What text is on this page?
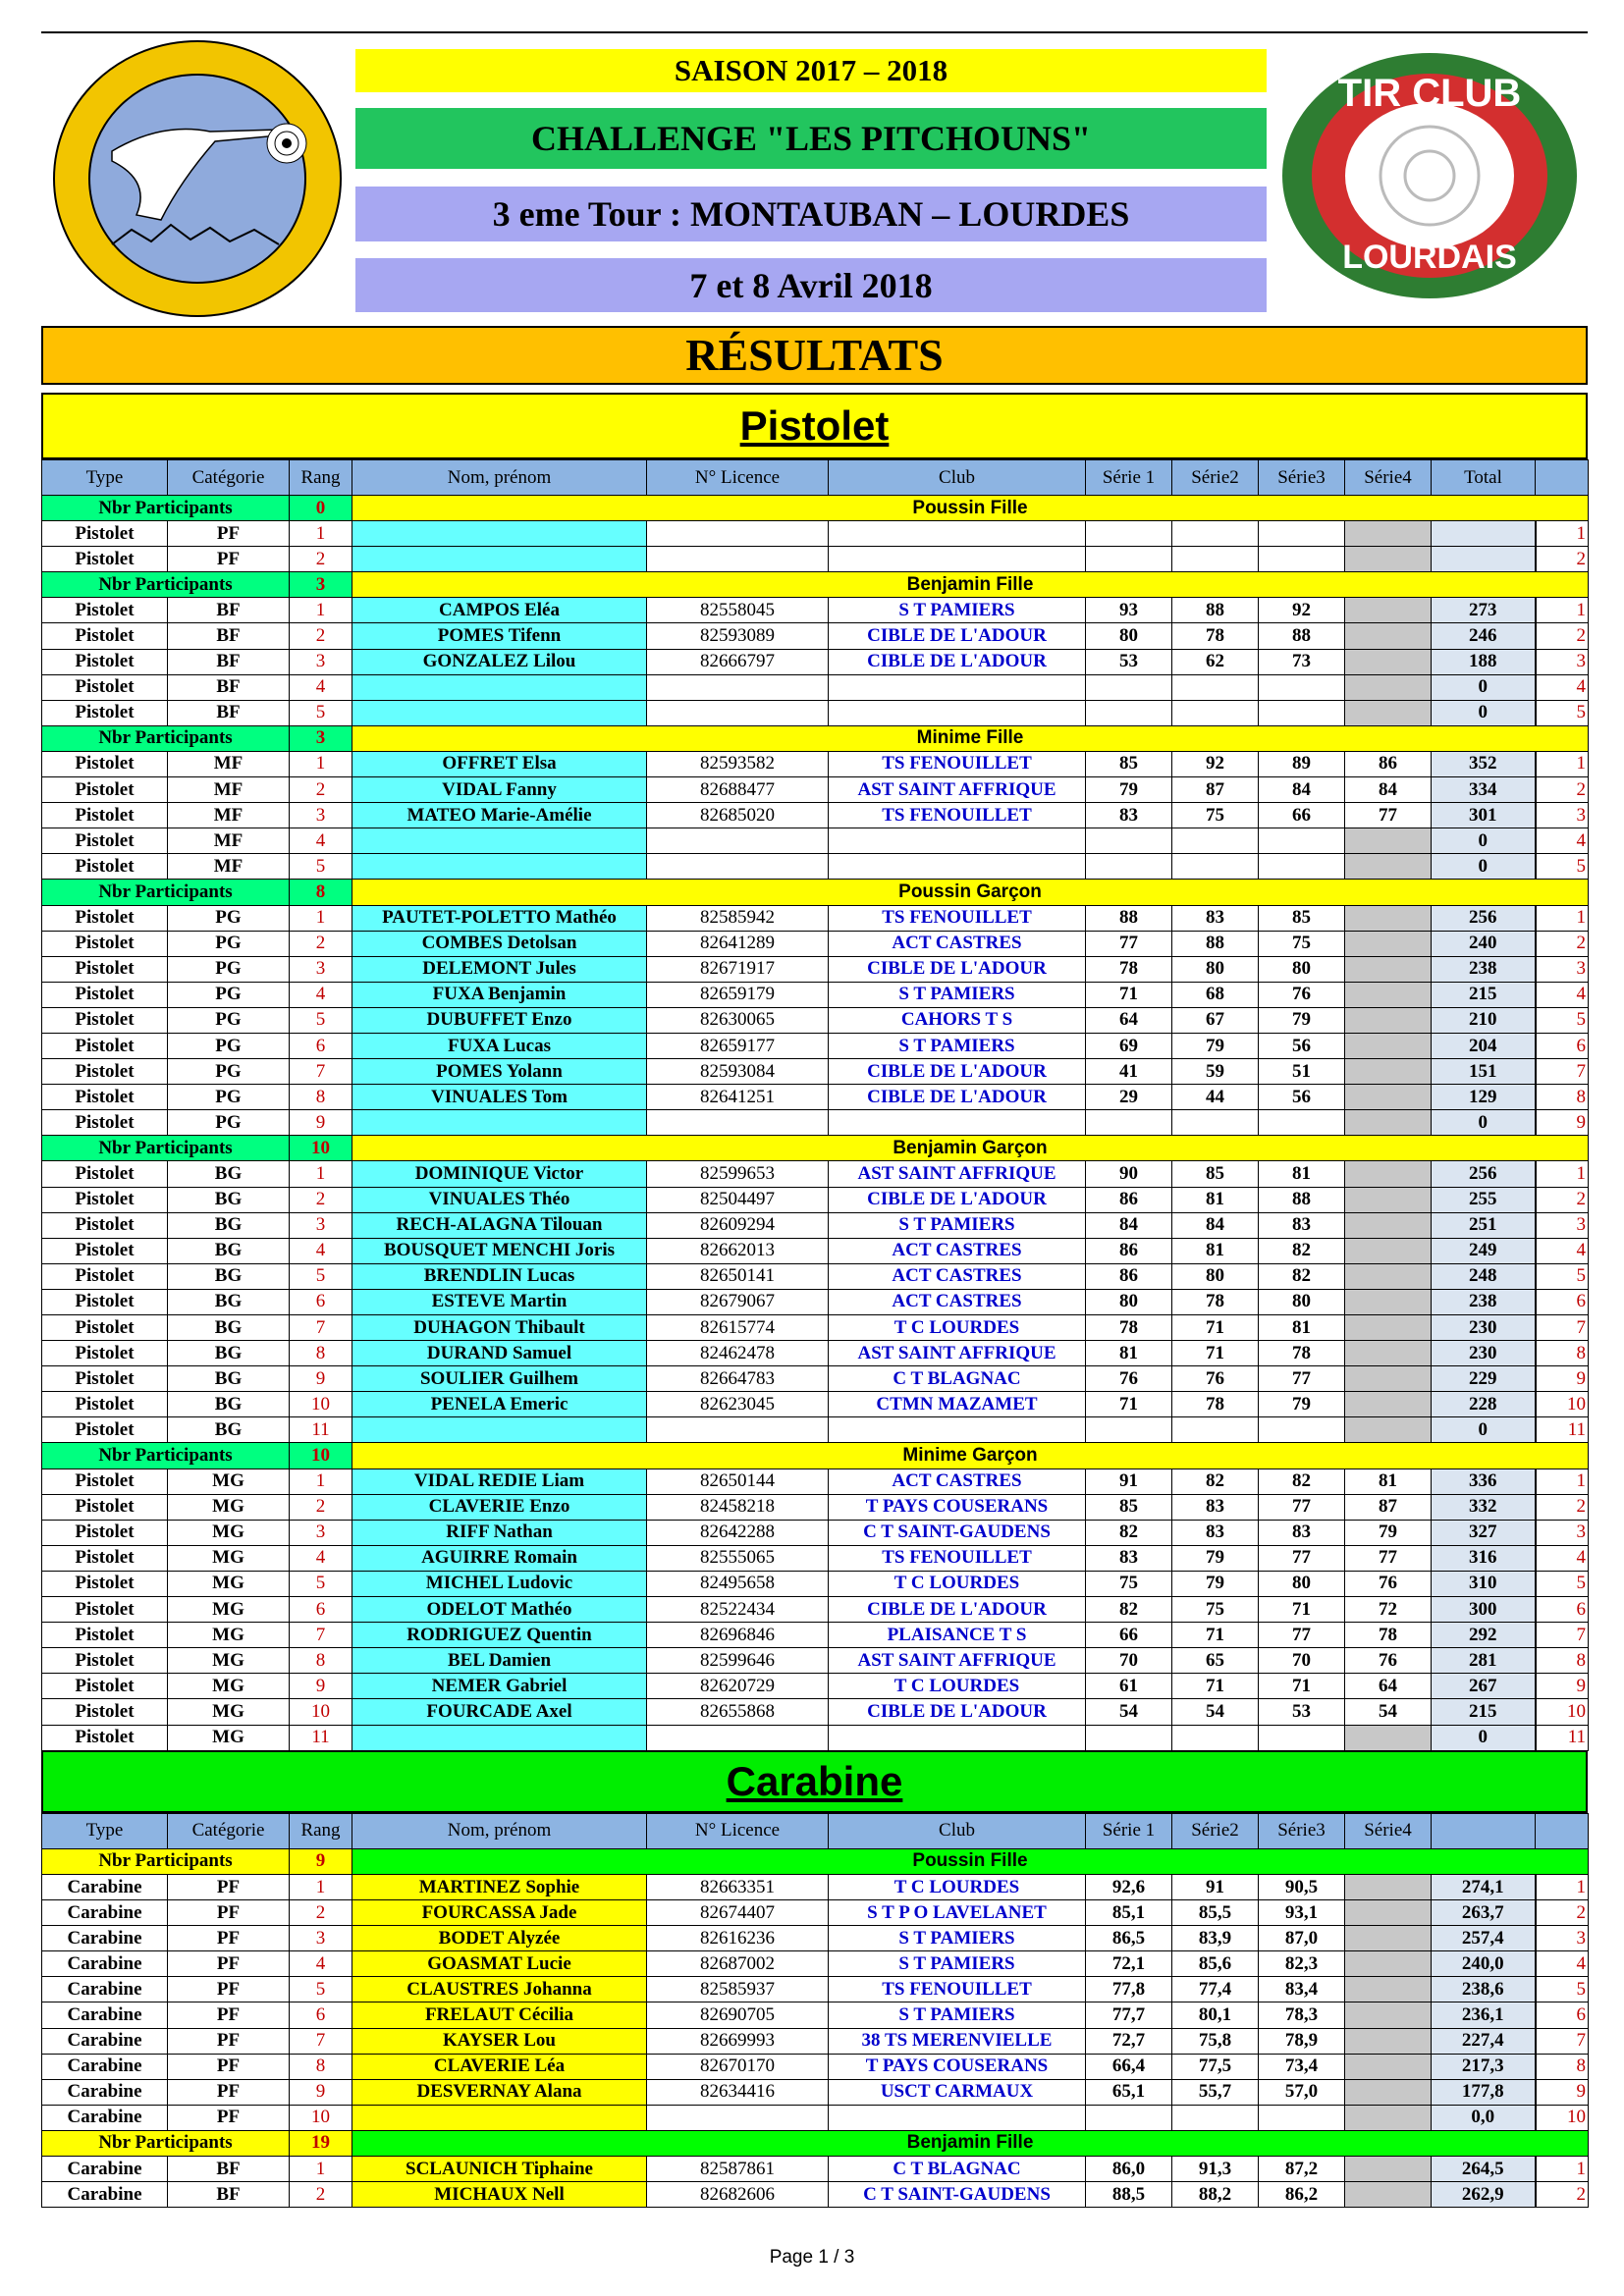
TIR CLUB
LOURDAIS
SAISON 2017 – 2018
CHALLENGE "LES PITCHOUNS"
3 eme Tour : MONTAUBAN – LOURDES
7 et 8 Avril 2018
RÉSULTATS
Pistolet
Type	Catégorie	Rang	Nom, prénom	N° Licence	Club	Série 1	Série2	Série3	Série4	Total		
Nbr Participants		0	Poussin Fille									
Pistolet	PF	1									1	
Pistolet	PF	2									2	
Nbr Participants		3	Benjamin Fille									
Pistolet	BF	1	CAMPOS Eléa	82558045	S T PAMIERS	93	88	92		273	1	
Pistolet	BF	2	POMES Tifenn	82593089	CIBLE DE L'ADOUR	80	78	88		246	2	
Pistolet	BF	3	GONZALEZ Lilou	82666797	CIBLE DE L'ADOUR	53	62	73		188	3	
Pistolet	BF	4								0	4	
Pistolet	BF	5								0	5	
Nbr Participants		3	Minime Fille									
Pistolet	MF	1	OFFRET Elsa	82593582	TS FENOUILLET	85	92	89	86	352	1	
Pistolet	MF	2	VIDAL Fanny	82688477	AST SAINT AFFRIQUE	79	87	84	84	334	2	
Pistolet	MF	3	MATEO Marie-Amélie	82685020	TS FENOUILLET	83	75	66	77	301	3	
Pistolet	MF	4								0	4	
Pistolet	MF	5								0	5	
Nbr Participants		8	Poussin Garçon									
Pistolet	PG	1	PAUTET-POLETTO Mathéo	82585942	TS FENOUILLET	88	83	85		256	1	
Pistolet	PG	2	COMBES Detolsan	82641289	ACT CASTRES	77	88	75		240	2	
Pistolet	PG	3	DELEMONT Jules	82671917	CIBLE DE L'ADOUR	78	80	80		238	3	
Pistolet	PG	4	FUXA Benjamin	82659179	S T PAMIERS	71	68	76		215	4	
Pistolet	PG	5	DUBUFFET Enzo	82630065	CAHORS T S	64	67	79		210	5	
Pistolet	PG	6	FUXA Lucas	82659177	S T PAMIERS	69	79	56		204	6	
Pistolet	PG	7	POMES Yolann	82593084	CIBLE DE L'ADOUR	41	59	51		151	7	
Pistolet	PG	8	VINUALES Tom	82641251	CIBLE DE L'ADOUR	29	44	56		129	8	
Pistolet	PG	9								0	9	
Nbr Participants		10	Benjamin Garçon									
Pistolet	BG	1	DOMINIQUE Victor	82599653	AST SAINT AFFRIQUE	90	85	81		256	1	
Pistolet	BG	2	VINUALES Théo	82504497	CIBLE DE L'ADOUR	86	81	88		255	2	
Pistolet	BG	3	RECH-ALAGNA Tilouan	82609294	S T PAMIERS	84	84	83		251	3	
Pistolet	BG	4	BOUSQUET MENCHI Joris	82662013	ACT CASTRES	86	81	82		249	4	
Pistolet	BG	5	BRENDLIN Lucas	82650141	ACT CASTRES	86	80	82		248	5	
Pistolet	BG	6	ESTEVE Martin	82679067	ACT CASTRES	80	78	80		238	6	
Pistolet	BG	7	DUHAGON Thibault	82615774	T C LOURDES	78	71	81		230	7	
Pistolet	BG	8	DURAND Samuel	82462478	AST SAINT AFFRIQUE	81	71	78		230	8	
Pistolet	BG	9	SOULIER Guilhem	82664783	C T BLAGNAC	76	76	77		229	9	
Pistolet	BG	10	PENELA Emeric	82623045	CTMN MAZAMET	71	78	79		228	10	
Pistolet	BG	11								0	11	
Nbr Participants		10	Minime Garçon									
Pistolet	MG	1	VIDAL REDIE Liam	82650144	ACT CASTRES	91	82	82	81	336	1	
Pistolet	MG	2	CLAVERIE Enzo	82458218	T PAYS COUSERANS	85	83	77	87	332	2	
Pistolet	MG	3	RIFF Nathan	82642288	C T SAINT-GAUDENS	82	83	83	79	327	3	
Pistolet	MG	4	AGUIRRE Romain	82555065	TS FENOUILLET	83	79	77	77	316	4	
Pistolet	MG	5	MICHEL Ludovic	82495658	T C LOURDES	75	79	80	76	310	5	
Pistolet	MG	6	ODELOT Mathéo	82522434	CIBLE DE L'ADOUR	82	75	71	72	300	6	
Pistolet	MG	7	RODRIGUEZ Quentin	82696846	PLAISANCE T S	66	71	77	78	292	7	
Pistolet	MG	8	BEL Damien	82599646	AST SAINT AFFRIQUE	70	65	70	76	281	8	
Pistolet	MG	9	NEMER Gabriel	82620729	T C LOURDES	61	71	71	64	267	9	
Pistolet	MG	10	FOURCADE Axel	82655868	CIBLE DE L'ADOUR	54	54	53	54	215	10	
Pistolet	MG	11								0	11	
Carabine
Type	Catégorie	Rang	Nom, prénom	N° Licence	Club	Série 1	Série2	Série3	Série4			
Nbr Participants		9	Poussin Fille									
Carabine	PF	1	MARTINEZ Sophie	82663351	T C LOURDES	92,6	91	90,5		274,1	1	
Carabine	PF	2	FOURCASSA Jade	82674407	S T P O LAVELANET	85,1	85,5	93,1		263,7	2	
Carabine	PF	3	BODET Alyzée	82616236	S T PAMIERS	86,5	83,9	87,0		257,4	3	
Carabine	PF	4	GOASMAT Lucie	82687002	S T PAMIERS	72,1	85,6	82,3		240,0	4	
Carabine	PF	5	CLAUSTRES Johanna	82585937	TS FENOUILLET	77,8	77,4	83,4		238,6	5	
Carabine	PF	6	FRELAUT Cécilia	82690705	S T PAMIERS	77,7	80,1	78,3		236,1	6	
Carabine	PF	7	KAYSER Lou	82669993	38 TS MERENVIELLE	72,7	75,8	78,9		227,4	7	
Carabine	PF	8	CLAVERIE Léa	82670170	T PAYS COUSERANS	66,4	77,5	73,4		217,3	8	
Carabine	PF	9	DESVERNAY Alana	82634416	USCT CARMAUX	65,1	55,7	57,0		177,8	9	
Carabine	PF	10								0,0	10	
Nbr Participants		19	Benjamin Fille									
Carabine	BF	1	SCLAUNICH Tiphaine	82587861	C T BLAGNAC	86,0	91,3	87,2		264,5	1	
Carabine	BF	2	MICHAUX Nell	82682606	C T SAINT-GAUDENS	88,5	88,2	86,2		262,9	2	
Page 1 / 3
